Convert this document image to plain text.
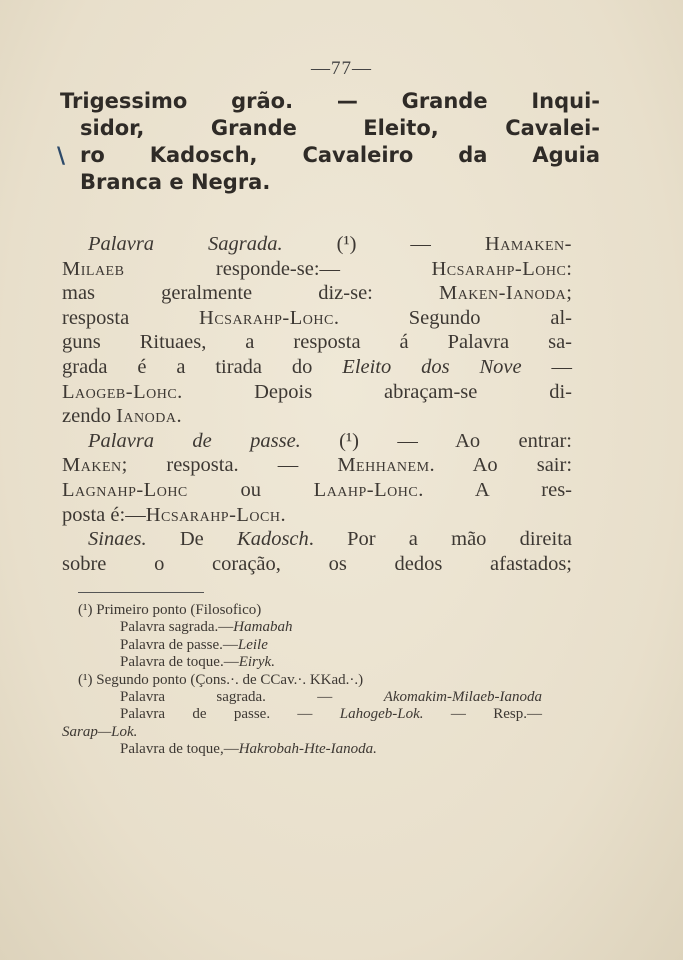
—77—
\
Trigessimo grão. — Grande Inqui-
sidor, Grande Eleito, Cavalei-
ro Kadosch, Cavaleiro da Aguia
Branca e Negra.
Palavra Sagrada.	(¹) — Hamaken-
Milaeb responde-se:— Hcsarahp-Lohc:
mas geralmente diz-se: Maken-Ianoda;
resposta Hcsarahp-Lohc. Segundo al-
guns Rituaes, a resposta á Palavra sa-
grada é a tirada do Eleito dos Nove —
Laogeb-Lohc. Depois abraçam-se di-
zendo Ianoda.
Palavra de passe. (¹) — Ao entrar:
Maken; resposta. — Mehhanem. Ao sair:
Lagnahp-Lohc ou Laahp-Lohc. A res-
posta é:—Hcsarahp-Loch.
Sinaes. De Kadosch. Por a mão direita
sobre o coração, os dedos afastados;
(¹) Primeiro ponto (Filosofico)
Palavra sagrada.—Hamabah
Palavra de passe.—Leile
Palavra de toque.—Eiryk.
(¹) Segundo ponto (Çons.·. de CCav.·. KKad.·.)
Palavra sagrada. — Akomakim-Milaeb-Ianoda
Palavra de passe. — Lahogeb-Lok. — Resp.—
Sarap—Lok.
Palavra de toque,—Hakrobah-Hte-Ianoda.
